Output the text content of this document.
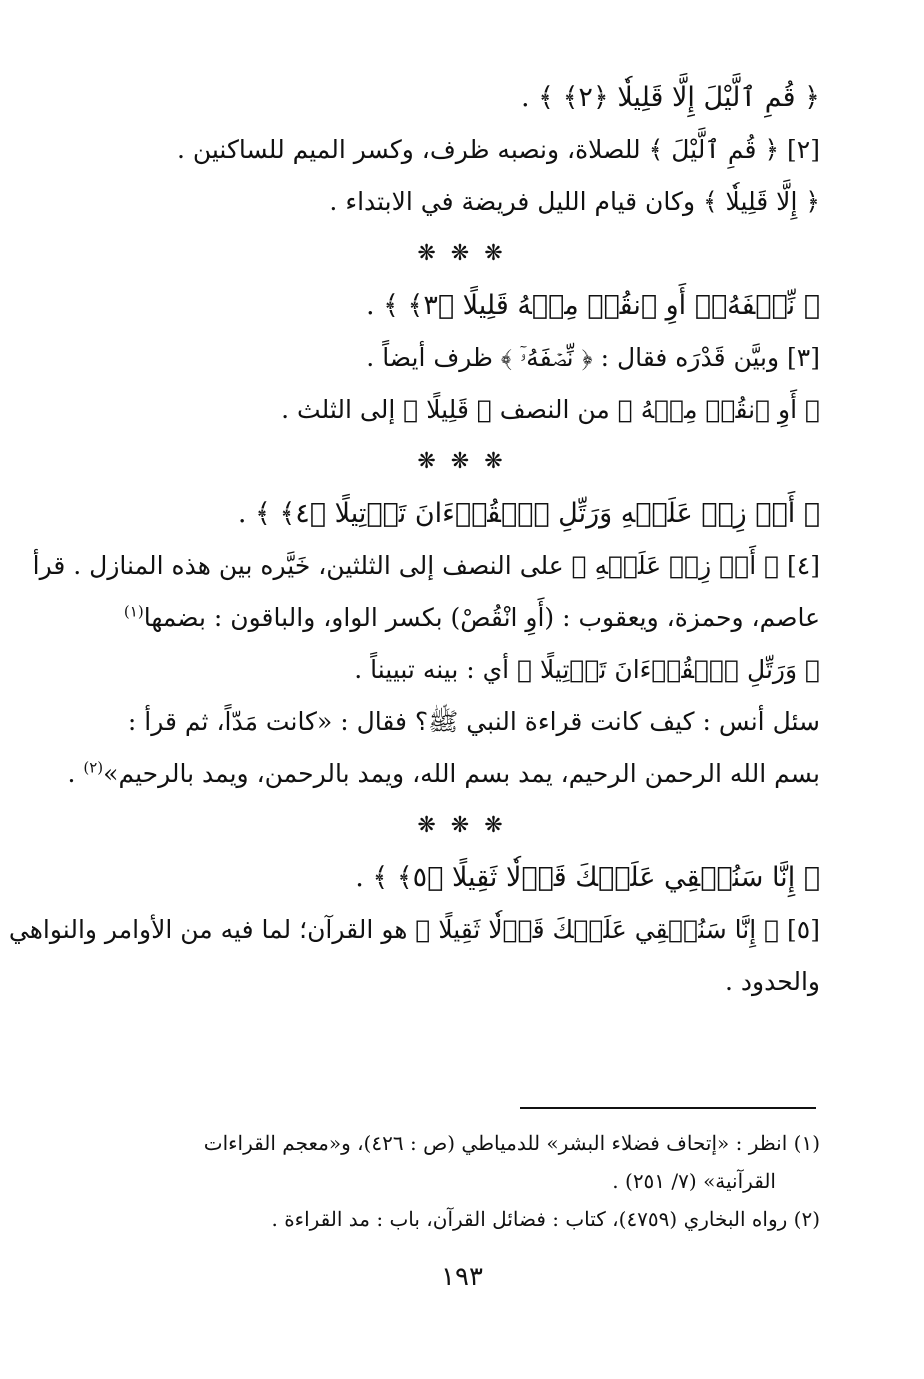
﴿ قُمِ ٱلَّيْلَ إِلَّا قَلِيلٗا ﴿٢﴾ ﴾ .
[٢] ﴿ قُمِ ٱلَّيْلَ ﴾ للصلاة، ونصبه ظرف، وكسر الميم للساكنين .
﴿ إِلَّا قَلِيلٗا ﴾ وكان قيام الليل فريضة في الابتداء .
❋ ❋ ❋
﴿ نِّصۡفَهُۥٓ أَوِ ٱنقُصۡ مِنۡهُ قَلِيلًا ﴿٣﴾ ﴾ .
[٣] وبيَّن قَدْرَه فقال : ﴿ نِّصۡفَهُۥٓ ﴾ ظرف أيضاً .
﴿ أَوِ ٱنقُصۡ مِنۡهُ ﴾ من النصف ﴿ قَلِيلًا ﴾ إلى الثلث .
❋ ❋ ❋
﴿ أَوۡ زِدۡ عَلَيۡهِ وَرَتِّلِ ٱلۡقُرۡءَانَ تَرۡتِيلًا ﴿٤﴾ ﴾ .
[٤] ﴿ أَوۡ زِدۡ عَلَيۡهِ ﴾ على النصف إلى الثلثين، خَيَّره بين هذه المنازل . قرأ
عاصم، وحمزة، ويعقوب : (أَوِ انْقُصْ) بكسر الواو، والباقون : بضمها$^{(١)}$
﴿ وَرَتِّلِ ٱلۡقُرۡءَانَ تَرۡتِيلًا ﴾ أي : بينه تبييناً .
سئل أنس : كيف كانت قراءة النبي ﷺ؟ فقال : «كانت مَدّاً، ثم قرأ :
بسم الله الرحمن الرحيم، يمد بسم الله، ويمد بالرحمن، ويمد بالرحيم»$^{(٢)}$ .
❋ ❋ ❋
﴿ إِنَّا سَنُلۡقِي عَلَيۡكَ قَوۡلٗا ثَقِيلًا ﴿٥﴾ ﴾ .
[٥] ﴿ إِنَّا سَنُلۡقِي عَلَيۡكَ قَوۡلٗا ثَقِيلًا ﴾ هو القرآن؛ لما فيه من الأوامر والنواهي
والحدود .
(١) انظر : «إتحاف فضلاء البشر» للدمياطي (ص : ٤٢٦)، و«معجم القراءات
القرآنية» (٧/ ٢٥١) .
(٢) رواه البخاري (٤٧٥٩)، كتاب : فضائل القرآن، باب : مد القراءة .
١٩٣
